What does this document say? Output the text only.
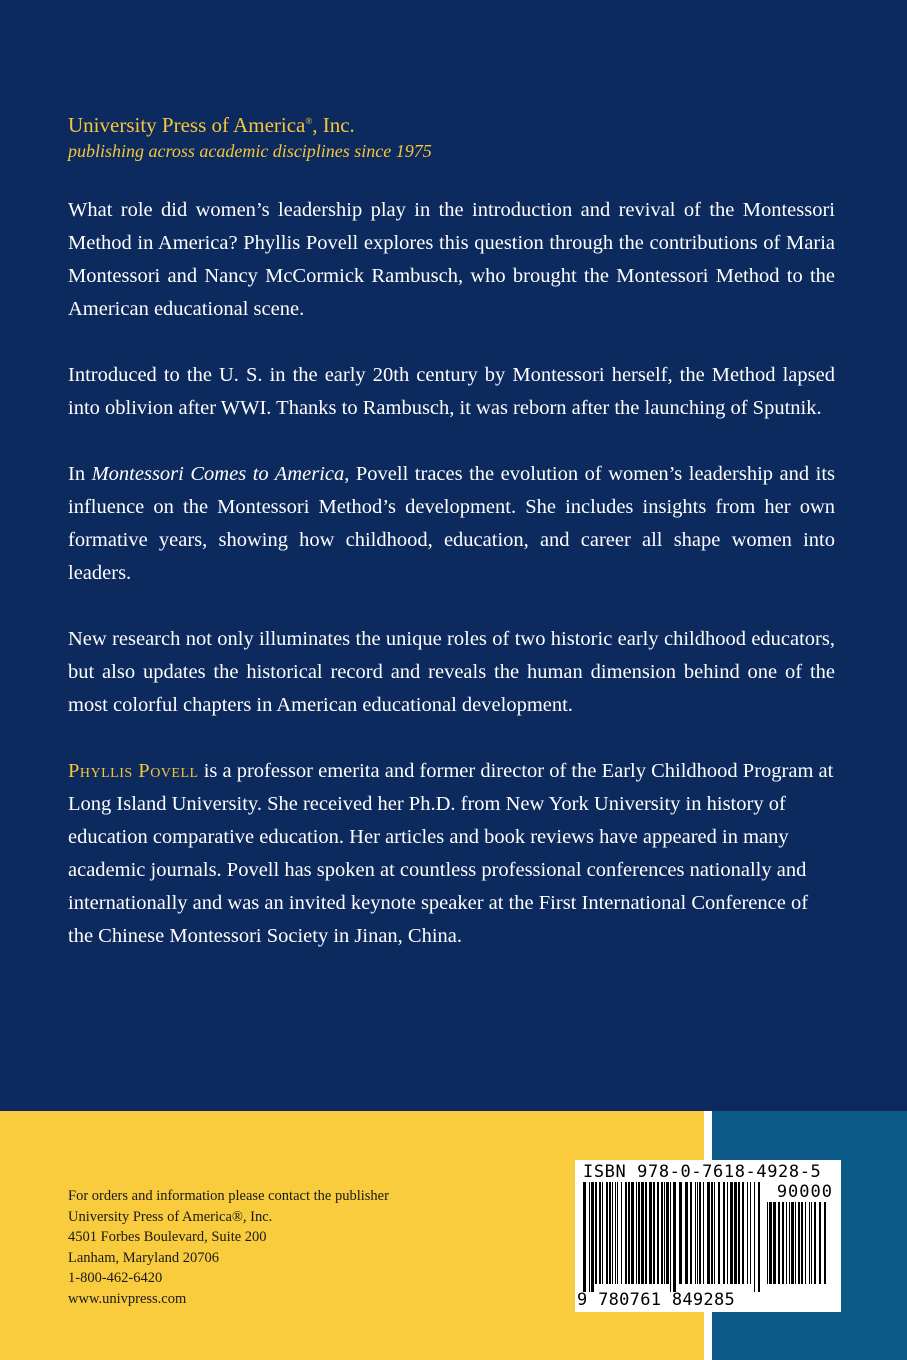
University Press of America®, Inc.
publishing across academic disciplines since 1975

What role did women’s leadership play in the introduction and revival of the Montessori Method in America? Phyllis Povell explores this question through the contributions of Maria Montessori and Nancy McCormick Rambusch, who brought the Montessori Method to the American educational scene.

Introduced to the U. S. in the early 20th century by Montessori herself, the Method lapsed into oblivion after WWI. Thanks to Rambusch, it was reborn after the launching of Sputnik.

In Montessori Comes to America, Povell traces the evolution of women’s leadership and its influence on the Montessori Method’s development. She includes insights from her own formative years, showing how childhood, education, and career all shape women into leaders.

New research not only illuminates the unique roles of two historic early childhood educators, but also updates the historical record and reveals the human dimension behind one of the most colorful chapters in American educational development.

Phyllis Povell is a professor emerita and former director of the Early Childhood Program at Long Island University. She received her Ph.D. from New York University in history of education comparative education. Her articles and book reviews have appeared in many academic journals. Povell has spoken at countless professional conferences nationally and internationally and was an invited keynote speaker at the First International Conference of the Chinese Montessori Society in Jinan, China.

For orders and information please contact the publisher
University Press of America®, Inc.
4501 Forbes Boulevard, Suite 200
Lanham, Maryland 20706
1-800-462-6420
www.univpress.com
ISBN 978-0-7618-4928-5
90000
9 780761 849285
